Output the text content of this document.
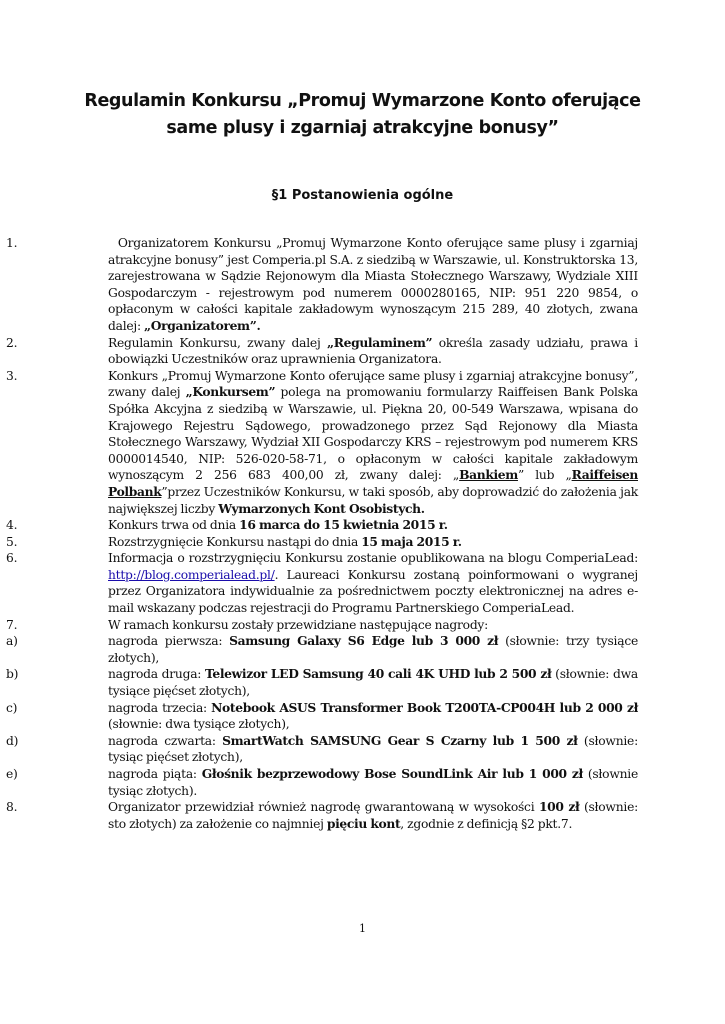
Regulamin Konkursu „Promuj Wymarzone Konto oferujące
same plusy i zgarniaj atrakcyjne bonusy”
§1 Postanowienia ogólne
1.	Organizatorem Konkursu „Promuj Wymarzone Konto oferujące same plusy i zgarniaj atrakcyjne bonusy” jest Comperia.pl S.A. z siedzibą w Warszawie, ul. Konstruktorska 13, zarejestrowana w Sądzie Rejonowym dla Miasta Stołecznego Warszawy, Wydziale XIII Gospodarczym - rejestrowym pod numerem 0000280165, NIP: 951 220 9854, o opłaconym w całości kapitale zakładowym wynoszącym 215 289, 40 złotych, zwana dalej: „Organizatorem”.
2.	Regulamin Konkursu, zwany dalej „Regulaminem” określa zasady udziału, prawa i obowiązki Uczestników oraz uprawnienia Organizatora.
3.	Konkurs „Promuj Wymarzone Konto oferujące same plusy i zgarniaj atrakcyjne bonusy”, zwany dalej „Konkursem” polega na promowaniu formularzy Raiffeisen Bank Polska Spółka Akcyjna z siedzibą w Warszawie, ul. Piękna 20, 00-549 Warszawa, wpisana do Krajowego Rejestru Sądowego, prowadzonego przez Sąd Rejonowy dla Miasta Stołecznego Warszawy, Wydział XII Gospodarczy KRS – rejestrowym pod numerem KRS 0000014540, NIP: 526-020-58-71, o opłaconym w całości kapitale zakładowym wynoszącym 2 256 683 400,00 zł, zwany dalej: „Bankiem” lub „Raiffeisen Polbank”przez Uczestników Konkursu, w taki sposób, aby doprowadzić do założenia jak największej liczby Wymarzonych Kont Osobistych.
4.	Konkurs trwa od dnia 16 marca do 15 kwietnia 2015 r.
5.	Rozstrzygnięcie Konkursu nastąpi do dnia 15 maja 2015 r.
6.	Informacja o rozstrzygnięciu Konkursu zostanie opublikowana na blogu ComperiaLead: http://blog.comperialead.pl/. Laureaci Konkursu zostaną poinformowani o wygranej przez Organizatora indywidualnie za pośrednictwem poczty elektronicznej na adres e-mail wskazany podczas rejestracji do Programu Partnerskiego ComperiaLead.
7.	W ramach konkursu zostały przewidziane następujące nagrody:
a)	nagroda pierwsza: Samsung Galaxy S6 Edge lub 3 000 zł (słownie: trzy tysiące złotych),
b)	nagroda druga: Telewizor LED Samsung 40 cali 4K UHD lub 2 500 zł (słownie: dwa tysiące pięćset złotych),
c)	nagroda trzecia: Notebook ASUS Transformer Book T200TA-CP004H lub 2 000 zł (słownie: dwa tysiące złotych),
d)	nagroda czwarta: SmartWatch SAMSUNG Gear S Czarny lub 1 500 zł (słownie: tysiąc pięćset złotych),
e)	nagroda piąta: Głośnik bezprzewodowy Bose SoundLink Air lub 1 000 zł (słownie tysiąc złotych).
8.	Organizator przewidział również nagrodę gwarantowaną w wysokości 100 zł (słownie: sto złotych) za założenie co najmniej pięciu kont, zgodnie z definicją §2 pkt.7.
1
